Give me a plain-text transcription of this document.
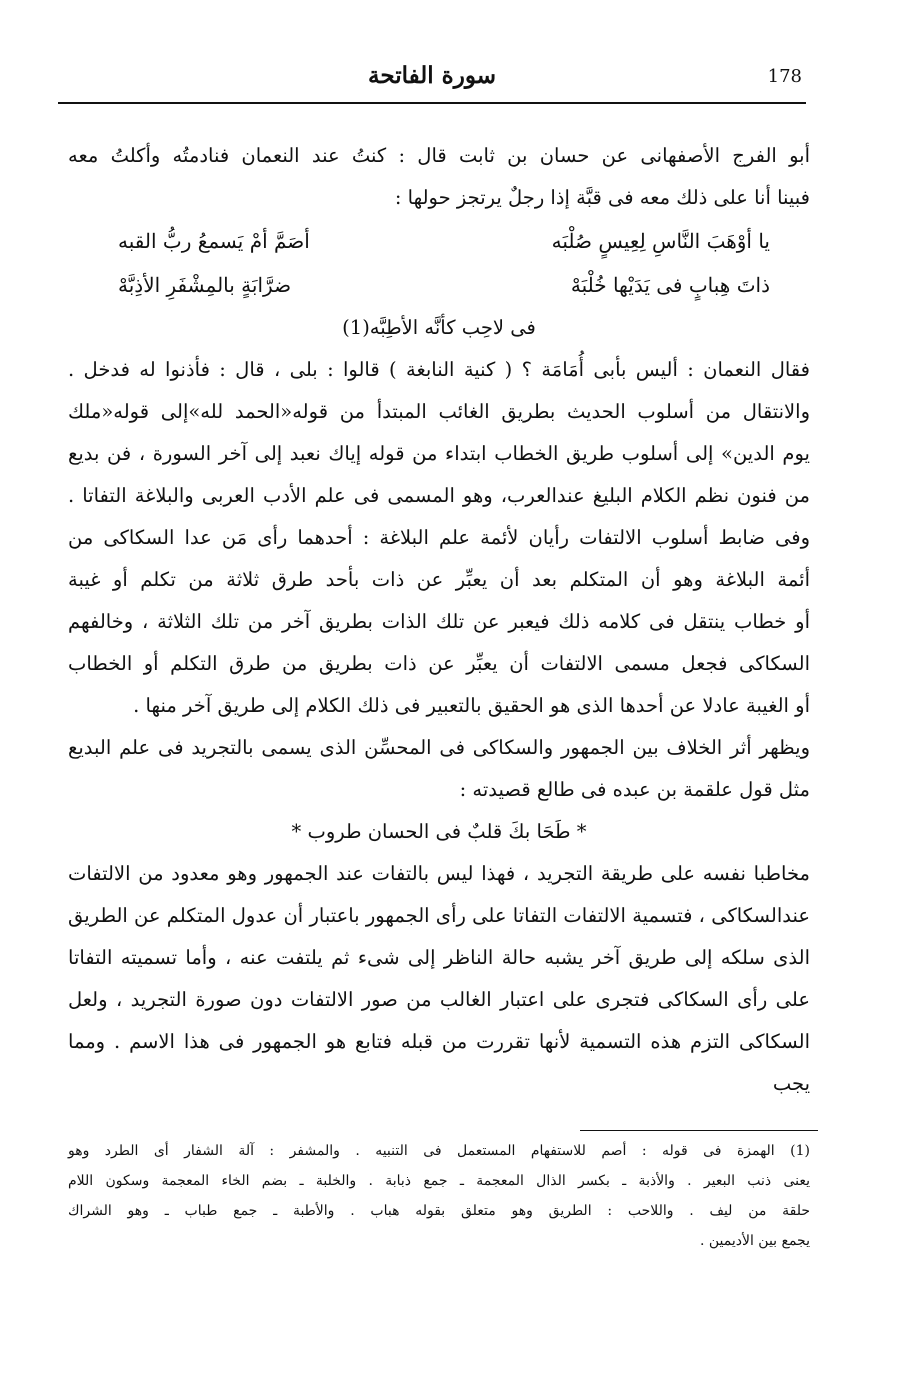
سورة الفاتحة	178
أبو الفرج الأصفهانى عن حسان بن ثابت قال : كنتُ عند النعمان فنادمتُه وأكلتُ معه
فبينا أنا على ذلك معه فى قبَّة إذا رجلٌ يرتجز حولها :
يا أوْهَبَ النَّاسِ لِعِيسٍ صُلْبَه
أصَمَّ أمْ يَسمعُ ربُّ القبه
ذاتَ هِبابٍ فى يَدَيْها خُلْبَهْ
ضرَّابَةٍ بالمِشْفَرِ الأذِبَّهْ
فى لاحِب كأنَّه الأطِبَّه(1)
فقال النعمان : أليس بأبى أُمَامَة ؟ ( كنية النابغة ) قالوا : بلى ، قال : فأذنوا له فدخل .
والانتقال من أسلوب الحديث بطريق الغائب المبتدأ من قوله«الحمد لله»إلى قوله«ملك
يوم الدين» إلى أسلوب طريق الخطاب ابتداء من قوله إياك نعبد إلى آخر السورة ، فن بديع
من فنون نظم الكلام البليغ عندالعرب، وهو المسمى فى علم الأدب العربى والبلاغة التفاتا .
وفى ضابط أسلوب الالتفات رأيان لأئمة علم البلاغة : أحدهما رأى مَن عدا السكاكى من
أئمة البلاغة وهو أن المتكلم بعد أن يعبِّر عن ذات بأحد طرق ثلاثة من تكلم أو غيبة
أو خطاب ينتقل فى كلامه ذلك فيعبر عن تلك الذات بطريق آخر من تلك الثلاثة ، وخالفهم
السكاكى فجعل مسمى الالتفات أن يعبِّر عن ذات بطريق من طرق التكلم أو الخطاب
أو الغيبة عادلا عن أحدها الذى هو الحقيق بالتعبير فى ذلك الكلام إلى طريق آخر منها .
ويظهر أثر الخلاف بين الجمهور والسكاكى فى المحسِّن الذى يسمى بالتجريد فى علم البديع
مثل قول علقمة بن عبده فى طالع قصيدته :
* طَحَا بكَ قلبٌ فى الحسان طروب *
مخاطبا نفسه على طريقة التجريد ، فهذا ليس بالتفات عند الجمهور وهو معدود من الالتفات
عندالسكاكى ، فتسمية الالتفات التفاتا على رأى الجمهور باعتبار أن عدول المتكلم عن الطريق
الذى سلكه إلى طريق آخر يشبه حالة الناظر إلى شىء ثم يلتفت عنه ، وأما تسميته التفاتا
على رأى السكاكى فتجرى على اعتبار الغالب من صور الالتفات دون صورة التجريد ، ولعل
السكاكى التزم هذه التسمية لأنها تقررت من قبله فتابع هو الجمهور فى هذا الاسم . ومما يجب
(1) الهمزة فى قوله : أصم للاستفهام المستعمل فى التنبيه . والمشفر : آلة الشفار أى الطرد وهو
يعنى ذنب البعير . والأذبة ـ بكسر الذال المعجمة ـ جمع ذبابة . والخلبة ـ بضم الخاء المعجمة وسكون اللام
حلقة من ليف . واللاحب : الطريق وهو متعلق بقوله هباب . والأطبة ـ جمع طباب ـ وهو الشراك
يجمع بين الأديمين .
